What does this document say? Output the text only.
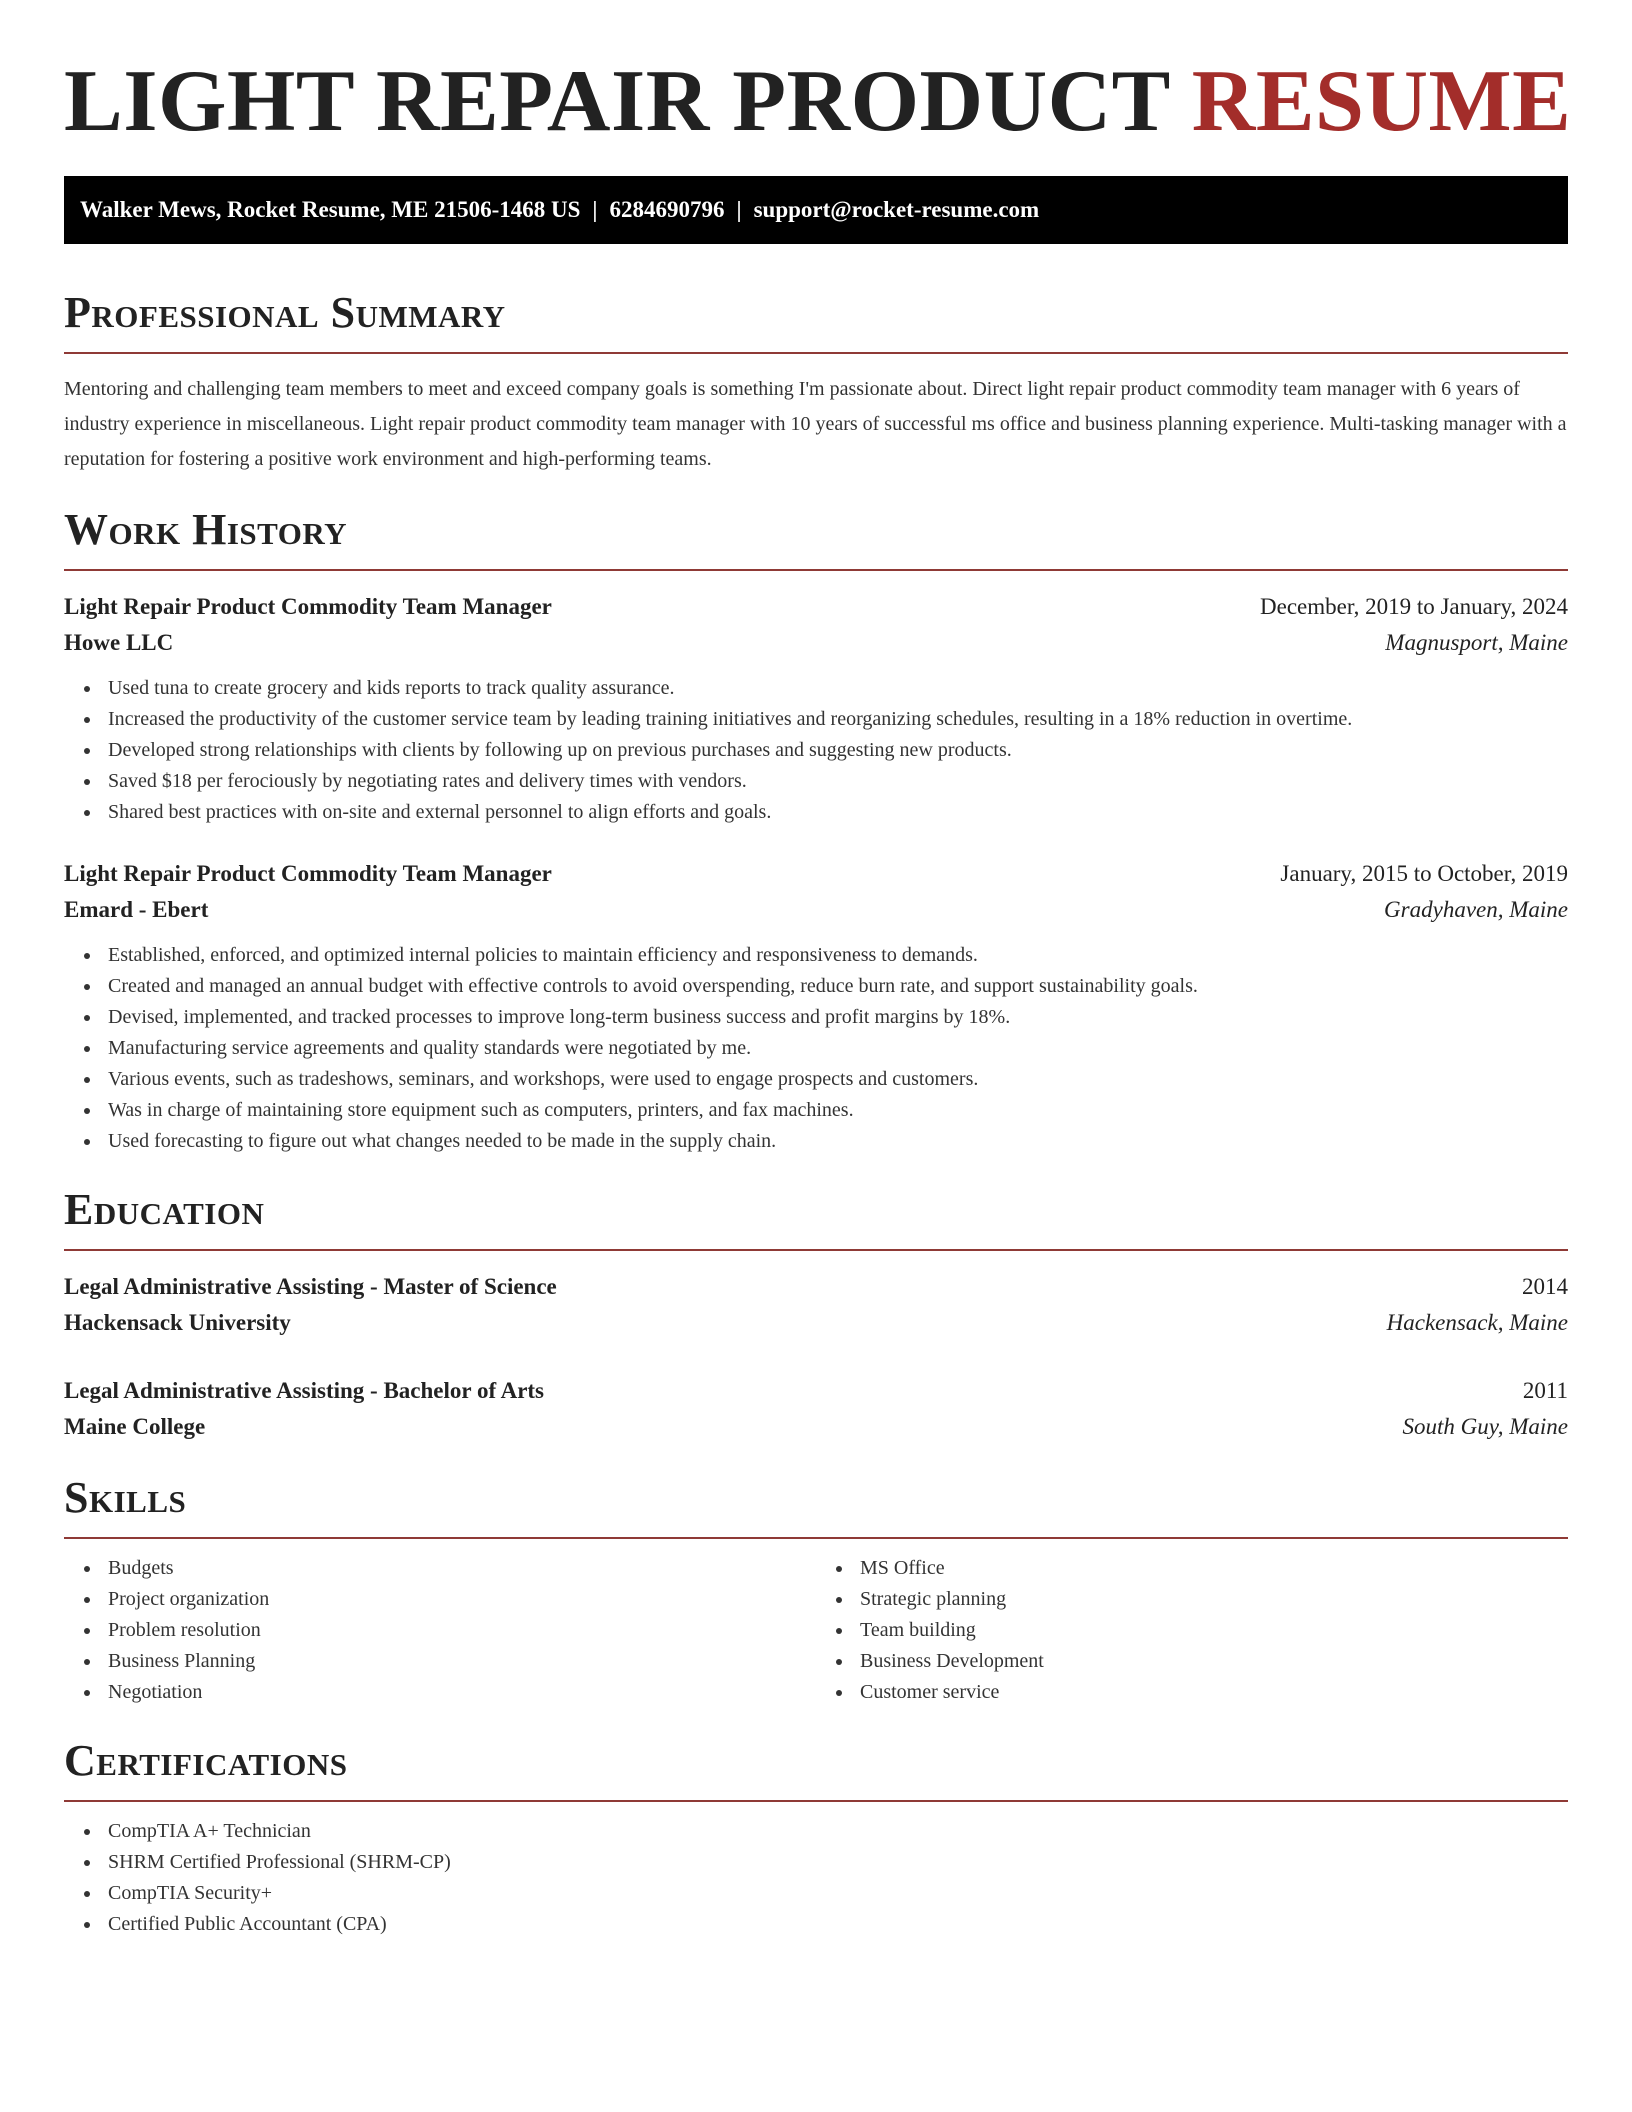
LIGHT REPAIR PRODUCT RESUME
Walker Mews, Rocket Resume, ME 21506-1468 US | 6284690796 | support@rocket-resume.com
Professional Summary

Mentoring and challenging team members to meet and exceed company goals is something I'm passionate about. Direct light repair product commodity team manager with 6 years of industry experience in miscellaneous. Light repair product commodity team manager with 10 years of successful ms office and business planning experience. Multi-tasking manager with a reputation for fostering a positive work environment and high-performing teams.

Work History
Light Repair Product Commodity Team Manager	December, 2019 to January, 2024
Howe LLC	Magnusport, Maine
Used tuna to create grocery and kids reports to track quality assurance.
Increased the productivity of the customer service team by leading training initiatives and reorganizing schedules, resulting in a 18% reduction in overtime.
Developed strong relationships with clients by following up on previous purchases and suggesting new products.
Saved $18 per ferociously by negotiating rates and delivery times with vendors.
Shared best practices with on-site and external personnel to align efforts and goals.
Light Repair Product Commodity Team Manager	January, 2015 to October, 2019
Emard - Ebert	Gradyhaven, Maine
Established, enforced, and optimized internal policies to maintain efficiency and responsiveness to demands.
Created and managed an annual budget with effective controls to avoid overspending, reduce burn rate, and support sustainability goals.
Devised, implemented, and tracked processes to improve long-term business success and profit margins by 18%.
Manufacturing service agreements and quality standards were negotiated by me.
Various events, such as tradeshows, seminars, and workshops, were used to engage prospects and customers.
Was in charge of maintaining store equipment such as computers, printers, and fax machines.
Used forecasting to figure out what changes needed to be made in the supply chain.
Education
Legal Administrative Assisting - Master of Science	2014
Hackensack University	Hackensack, Maine
Legal Administrative Assisting - Bachelor of Arts	2011
Maine College	South Guy, Maine
Skills
Budgets
Project organization
Problem resolution
Business Planning
Negotiation
MS Office
Strategic planning
Team building
Business Development
Customer service
Certifications
CompTIA A+ Technician
SHRM Certified Professional (SHRM-CP)
CompTIA Security+
Certified Public Accountant (CPA)
